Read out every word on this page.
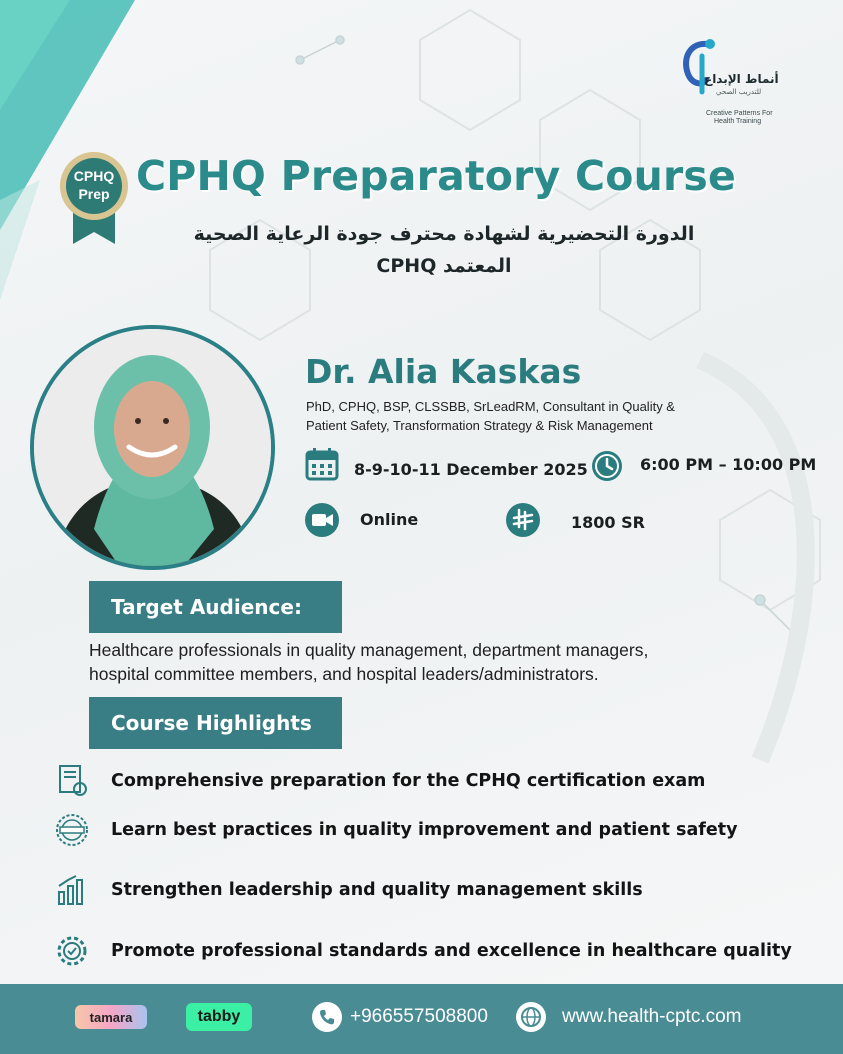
أنماط الإبداع
للتدريب الصحي
Creative Patterns For
Health Training
CPHQ
Prep CPHQ Preparatory Course
الدورة التحضيرية لشهادة محترف جودة الرعاية الصحية
المعتمد CPHQ
Dr. Alia Kaskas
PhD, CPHQ, BSP, CLSSBB, SrLeadRM, Consultant in Quality &
Patient Safety, Transformation Strategy & Risk Management
8-9-10-11 December 2025	6:00 PM – 10:00 PM
Online	1800 SR
Target Audience:
Healthcare professionals in quality management, department managers,
hospital committee members, and hospital leaders/administrators.
Course Highlights
Comprehensive preparation for the CPHQ certification exam
Learn best practices in quality improvement and patient safety
Strengthen leadership and quality management skills
Promote professional standards and excellence in healthcare quality
tamara	tabby	+966557508800	www.health-cptc.com
